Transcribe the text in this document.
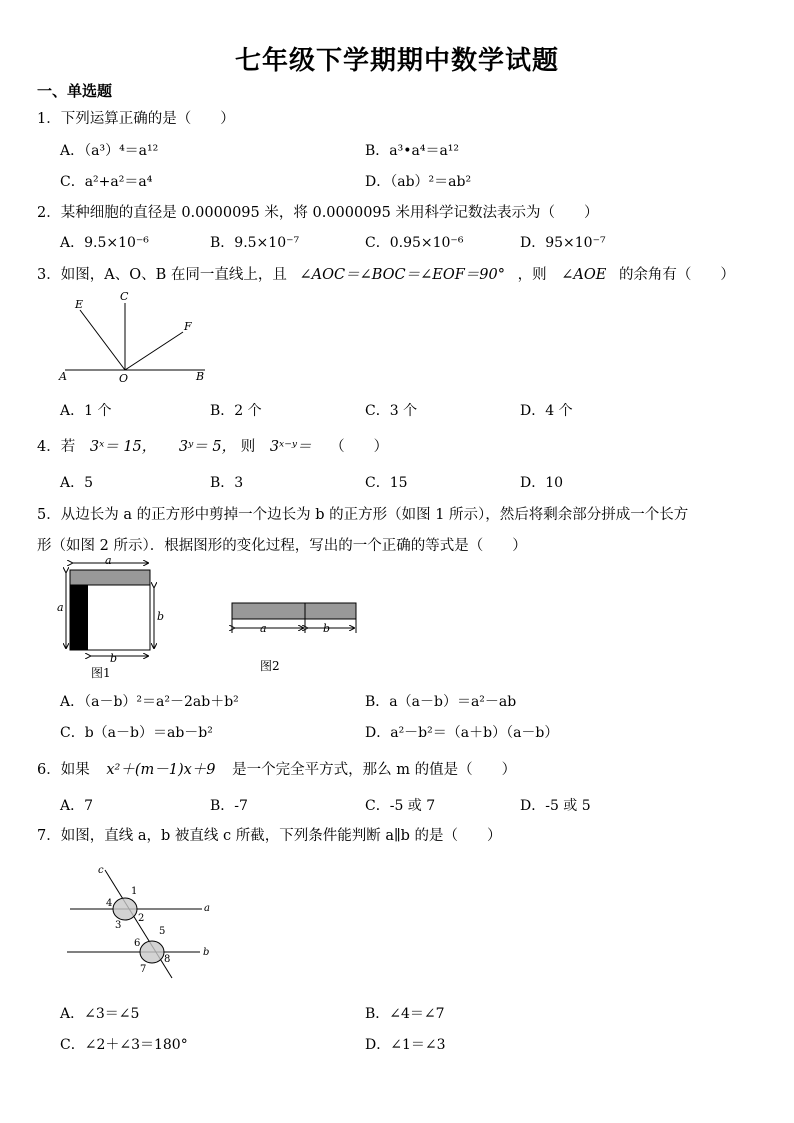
七年级下学期期中数学试题
一、单选题
1．下列运算正确的是（　　）
A．（a³）⁴＝a¹²	B．a³•a⁴＝a¹²
C．a²+a²＝a⁴	D．（ab）²＝ab²
2．某种细胞的直径是 0.0000095 米，将 0.0000095 米用科学记数法表示为（　　）
A．9.5×10⁻⁶	B．9.5×10⁻⁷	C．0.95×10⁻⁶	D．95×10⁻⁷
3．如图，A、O、B 在同一直线上，且 ∠AOC＝∠BOC＝∠EOF＝90° ，则 ∠AOE 的余角有（　　）
E
C
F
A	O	B
A．1 个	B．2 个	C．3 个	D．4 个
4．若 3ˣ＝ 15， 3ʸ＝ 5， 则 3ˣ⁻ʸ＝ （　　）
A．5	B．3	C．15	D．10
5．从边长为 a 的正方形中剪掉一个边长为 b 的正方形（如图 1 所示），然后将剩余部分拼成一个长方
形（如图 2 所示）．根据图形的变化过程，写出的一个正确的等式是（　　）
a
a
b
b
图1
a	b
图2
A．（a－b）²＝a²－2ab＋b²	B．a（a－b）＝a²－ab
C．b（a－b）＝ab－b²	D．a²－b²＝（a＋b）（a－b）
6．如果 x²＋(m－1)x＋9 是一个完全平方式，那么 m 的值是（　　）
A．7	B．-7	C．-5 或 7	D．-5 或 5
7．如图，直线 a，b 被直线 c 所截，下列条件能判断 a∥b 的是（　　）
c
a
b
1
4
2
3
5
6
8
7
A．∠3＝∠5	B．∠4＝∠7
C．∠2＋∠3＝180°	D．∠1＝∠3
